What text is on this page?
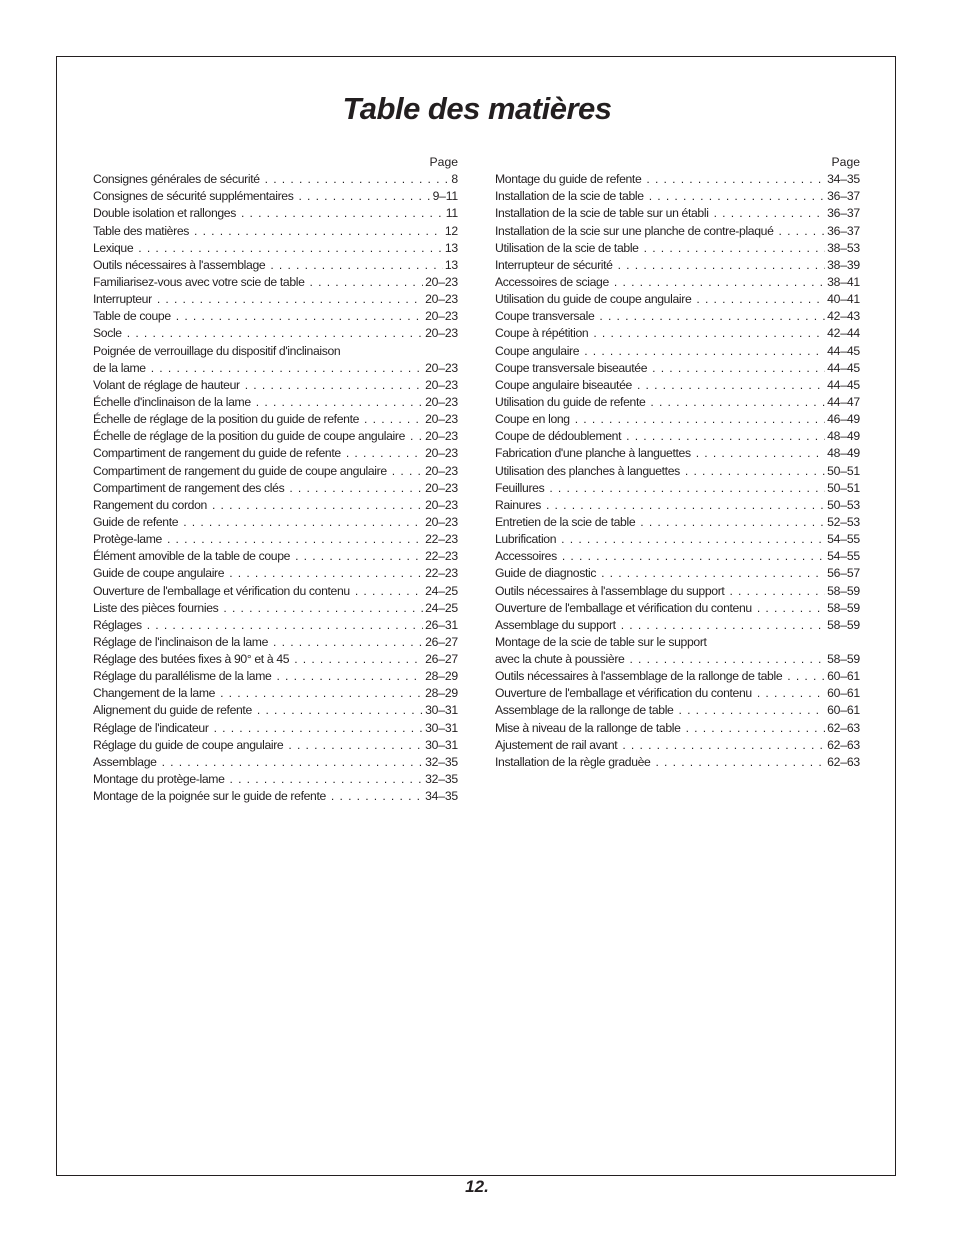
Table des matières
Page
Consignes générales de sécurité . . .	8
Consignes de sécurité supplémentaires . . .	9–11
Double isolation et rallonges . . .	11
Table des matières . . .	12
Lexique . . .	13
Outils nécessaires à l'assemblage . . .	13
Familiarisez-vous avec votre scie de table . . .	20–23
Interrupteur . . .	20–23
Table de coupe . . .	20–23
Socle . . .	20–23
Poignée de verrouillage du dispositif d'inclinaison
de la lame . . .	20–23
Volant de réglage de hauteur . . .	20–23
Échelle d'inclinaison de la lame . . .	20–23
Échelle de réglage de la position du guide de refente . . .	20–23
Échelle de réglage de la position du guide de coupe angulaire . . . 20–23
Compartiment de rangement du guide de refente . . .	20–23
Compartiment de rangement du guide de coupe angulaire . . .	20–23
Compartiment de rangement des clés . . .	20–23
Rangement du cordon . . .	20–23
Guide de refente . . .	20–23
Protège-lame . . .	22–23
Élément amovible de la table de coupe . . .	22–23
Guide de coupe angulaire . . .	22–23
Ouverture de l'emballage et vérification du contenu . . .	24–25
Liste des pièces fournies . . .	24–25
Réglages . . .	26–31
Réglage de l'inclinaison de la lame . . .	26–27
Réglage des butées fixes à 90° et à 45 . . .	26–27
Réglage du parallélisme de la lame . . .	28–29
Changement de la lame . . .	28–29
Alignement du guide de refente . . .	30–31
Réglage de l'indicateur . . .	30–31
Réglage du guide de coupe angulaire . . .	30–31
Assemblage . . .	32–35
Montage du protège-lame . . .	32–35
Montage de la poignée sur le guide de refente . . .	34–35
Page
Montage du guide de refente . . .	34–35
Installation de la scie de table . . .	36–37
Installation de la scie de table sur un établi . . .	36–37
Installation de la scie sur une planche de contre-plaqué . . .	36–37
Utilisation de la scie de table . . .	38–53
Interrupteur de sécurité . . .	38–39
Accessoires de sciage . . .	38–41
Utilisation du guide de coupe angulaire . . .	40–41
Coupe transversale . . .	42–43
Coupe à répétition . . .	42–44
Coupe angulaire . . .	44–45
Coupe transversale biseautée . . .	44–45
Coupe angulaire biseautée . . .	44–45
Utilisation du guide de refente . . .	44–47
Coupe en long . . .	46–49
Coupe de dédoublement . . .	48–49
Fabrication d'une planche à languettes . . .	48–49
Utilisation des planches à languettes . . .	50–51
Feuillures . . .	50–51
Rainures . . .	50–53
Entretien de la scie de table . . .	52–53
Lubrification . . .	54–55
Accessoires . . .	54–55
Guide de diagnostic . . .	56–57
Outils nécessaires à l'assemblage du support . . .	58–59
Ouverture de l'emballage et vérification du contenu . . .	58–59
Assemblage du support . . .	58–59
Montage de la scie de table sur le support
avec la chute à poussière . . .	58–59
Outils nécessaires à l'assemblage de la rallonge de table . . .	60–61
Ouverture de l'emballage et vérification du contenu . . .	60–61
Assemblage de la rallonge de table . . .	60–61
Mise à niveau de la rallonge de table . . .	62–63
Ajustement de rail avant . . .	62–63
Installation de la règle graduèe . . .	62–63
12.
